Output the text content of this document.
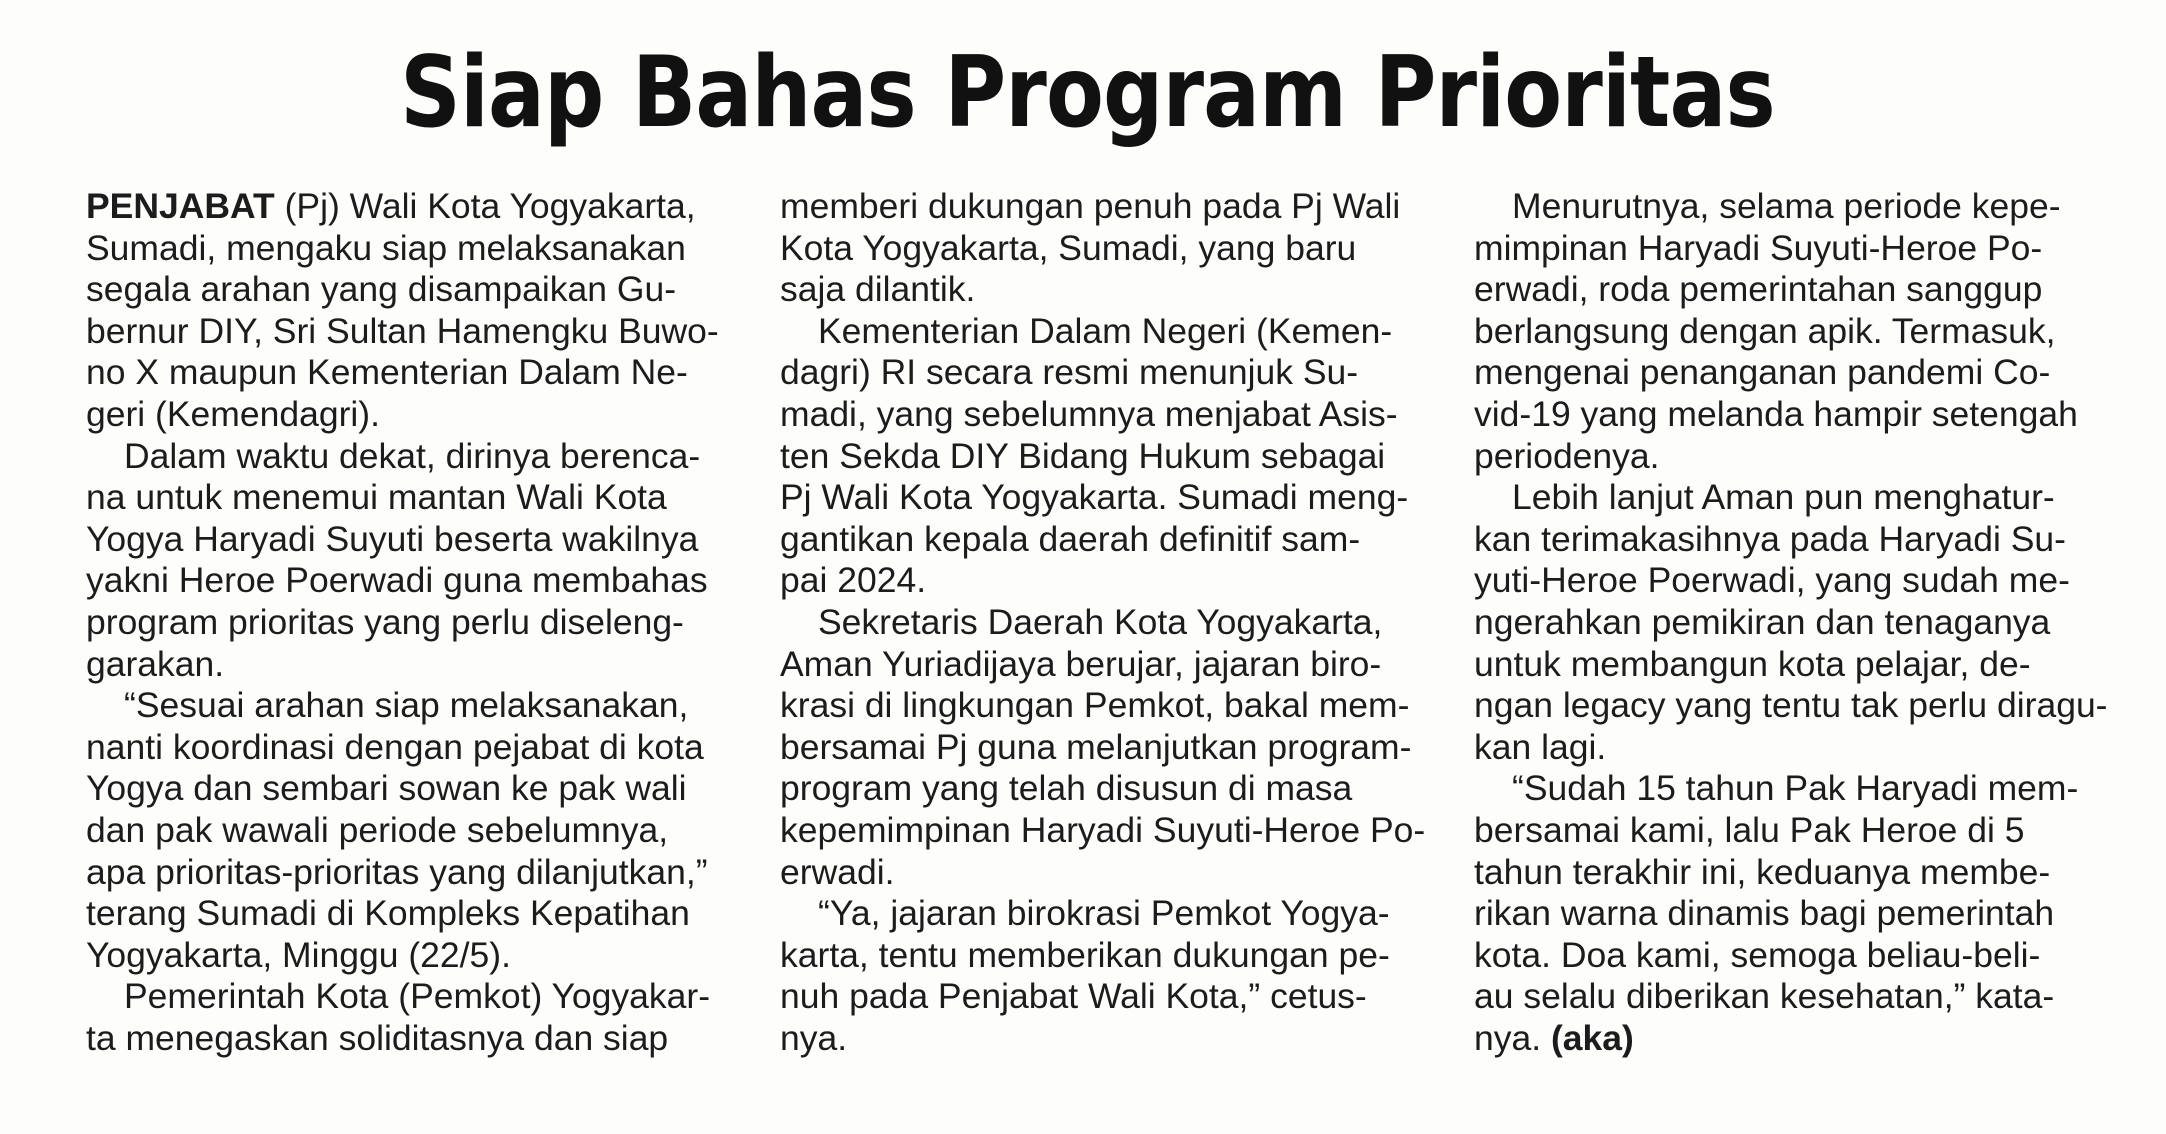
Siap Bahas Program Prioritas

PENJABAT (Pj) Wali Kota Yogyakarta,
Sumadi, mengaku siap melaksanakan
segala arahan yang disampaikan Gu-
bernur DIY, Sri Sultan Hamengku Buwo-
no X maupun Kementerian Dalam Ne-
geri (Kemendagri).

Dalam waktu dekat, dirinya berenca-
na untuk menemui mantan Wali Kota
Yogya Haryadi Suyuti beserta wakilnya
yakni Heroe Poerwadi guna membahas
program prioritas yang perlu diseleng-
garakan.

“Sesuai arahan siap melaksanakan,
nanti koordinasi dengan pejabat di kota
Yogya dan sembari sowan ke pak wali
dan pak wawali periode sebelumnya,
apa prioritas-prioritas yang dilanjutkan,”
terang Sumadi di Kompleks Kepatihan
Yogyakarta, Minggu (22/5).

Pemerintah Kota (Pemkot) Yogyakar-
ta menegaskan soliditasnya dan siap

memberi dukungan penuh pada Pj Wali
Kota Yogyakarta, Sumadi, yang baru
saja dilantik.

Kementerian Dalam Negeri (Kemen-
dagri) RI secara resmi menunjuk Su-
madi, yang sebelumnya menjabat Asis-
ten Sekda DIY Bidang Hukum sebagai
Pj Wali Kota Yogyakarta. Sumadi meng-
gantikan kepala daerah definitif sam-
pai 2024.

Sekretaris Daerah Kota Yogyakarta,
Aman Yuriadijaya berujar, jajaran biro-
krasi di lingkungan Pemkot, bakal mem-
bersamai Pj guna melanjutkan program-
program yang telah disusun di masa
kepemimpinan Haryadi Suyuti-Heroe Po-
erwadi.

“Ya, jajaran birokrasi Pemkot Yogya-
karta, tentu memberikan dukungan pe-
nuh pada Penjabat Wali Kota,” cetus-
nya.

Menurutnya, selama periode kepe-
mimpinan Haryadi Suyuti-Heroe Po-
erwadi, roda pemerintahan sanggup
berlangsung dengan apik. Termasuk,
mengenai penanganan pandemi Co-
vid-19 yang melanda hampir setengah
periodenya.

Lebih lanjut Aman pun menghatur-
kan terimakasihnya pada Haryadi Su-
yuti-Heroe Poerwadi, yang sudah me-
ngerahkan pemikiran dan tenaganya
untuk membangun kota pelajar, de-
ngan legacy yang tentu tak perlu diragu-
kan lagi.

“Sudah 15 tahun Pak Haryadi mem-
bersamai kami, lalu Pak Heroe di 5
tahun terakhir ini, keduanya membe-
rikan warna dinamis bagi pemerintah
kota. Doa kami, semoga beliau-beli-
au selalu diberikan kesehatan,” kata-
nya. (aka)
